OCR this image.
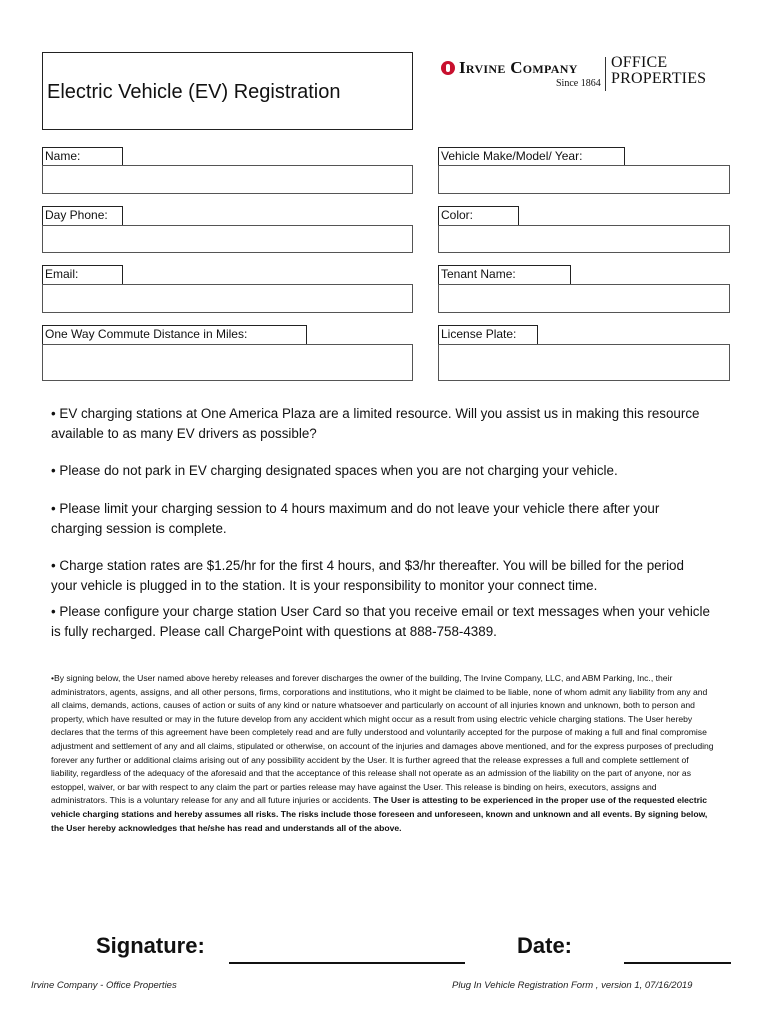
Electric Vehicle (EV) Registration
Irvine Company
Since 1864
OFFICE
PROPERTIES
Name:
Day Phone:
Email:
One Way Commute Distance in Miles:
Vehicle Make/Model/ Year:
Color:
Tenant Name:
License Plate:

• EV charging stations at One America Plaza are a limited resource. Will you assist us in making this resource available to as many EV drivers as possible?

• Please do not park in EV charging designated spaces when you are not charging your vehicle.

• Please limit your charging session to 4 hours maximum and do not leave your vehicle there after your charging session is complete.

• Charge station rates are $1.25/hr for the first 4 hours, and $3/hr thereafter. You will be billed for the period your vehicle is plugged in to the station. It is your responsibility to monitor your connect time.

• Please configure your charge station User Card so that you receive email or text messages when your vehicle is fully recharged. Please call ChargePoint with questions at 888-758-4389.

•By signing below, the User named above hereby releases and forever discharges the owner of the building, The Irvine Company, LLC, and ABM Parking, Inc., their administrators, agents, assigns, and all other persons, firms, corporations and institutions, who it might be claimed to be liable, none of whom admit any liability from any and all claims, demands, actions, causes of action or suits of any kind or nature whatsoever and particularly on account of all injuries known and unknown, both to person and property, which have resulted or may in the future develop from any accident which might occur as a result from using electric vehicle charging stations. The User hereby declares that the terms of this agreement have been completely read and are fully understood and voluntarily accepted for the purpose of making a full and final compromise adjustment and settlement of any and all claims, stipulated or otherwise, on account of the injuries and damages above mentioned, and for the express purposes of precluding forever any further or additional claims arising out of any possibility accident by the User. It is further agreed that the release expresses a full and complete settlement of liability, regardless of the adequacy of the aforesaid and that the acceptance of this release shall not operate as an admission of the liability on the part of anyone, nor as estoppel, waiver, or bar with respect to any claim the part or parties release may have against the User. This release is binding on heirs, executors, assigns and administrators. This is a voluntary release for any and all future injuries or accidents. The User is attesting to be experienced in the proper use of the requested electric vehicle charging stations and hereby assumes all risks. The risks include those foreseen and unforeseen, known and unknown and all events. By signing below, the User hereby acknowledges that he/she has read and understands all of the above.
Signature:	Date:
Irvine Company - Office Properties	Plug In Vehicle Registration Form , version 1, 07/16/2019
